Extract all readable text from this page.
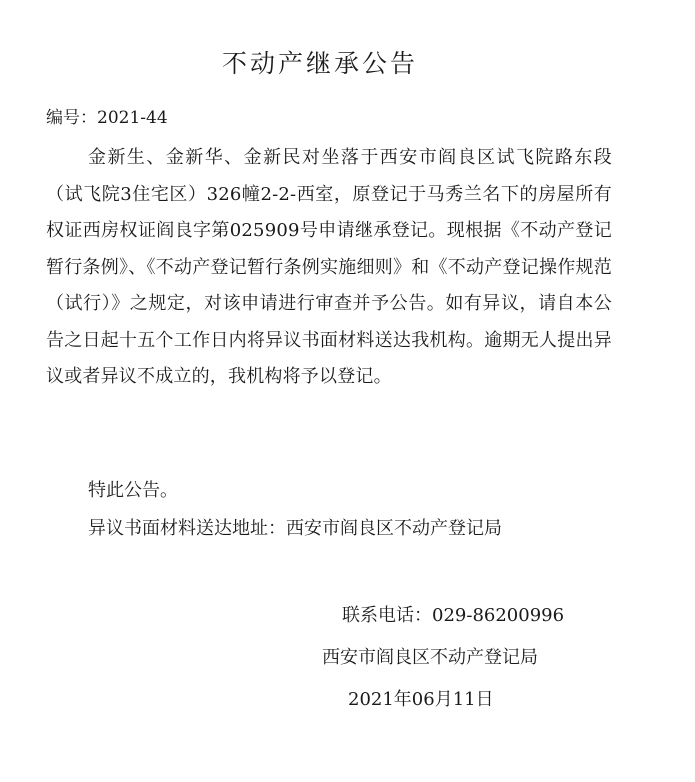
不动产继承公告
编号：2021-44
金新生、金新华、金新民对坐落于西安市阎良区试飞院路东段（试飞院3住宅区）326幢2-2-西室，原登记于马秀兰名下的房屋所有权证西房权证阎良字第025909号申请继承登记。现根据《不动产登记暂行条例》、《不动产登记暂行条例实施细则》和《不动产登记操作规范（试行）》之规定，对该申请进行审查并予公告。如有异议，请自本公告之日起十五个工作日内将异议书面材料送达我机构。逾期无人提出异议或者异议不成立的，我机构将予以登记。
特此公告。
异议书面材料送达地址：西安市阎良区不动产登记局
联系电话：029-86200996
西安市阎良区不动产登记局
2021年06月11日
